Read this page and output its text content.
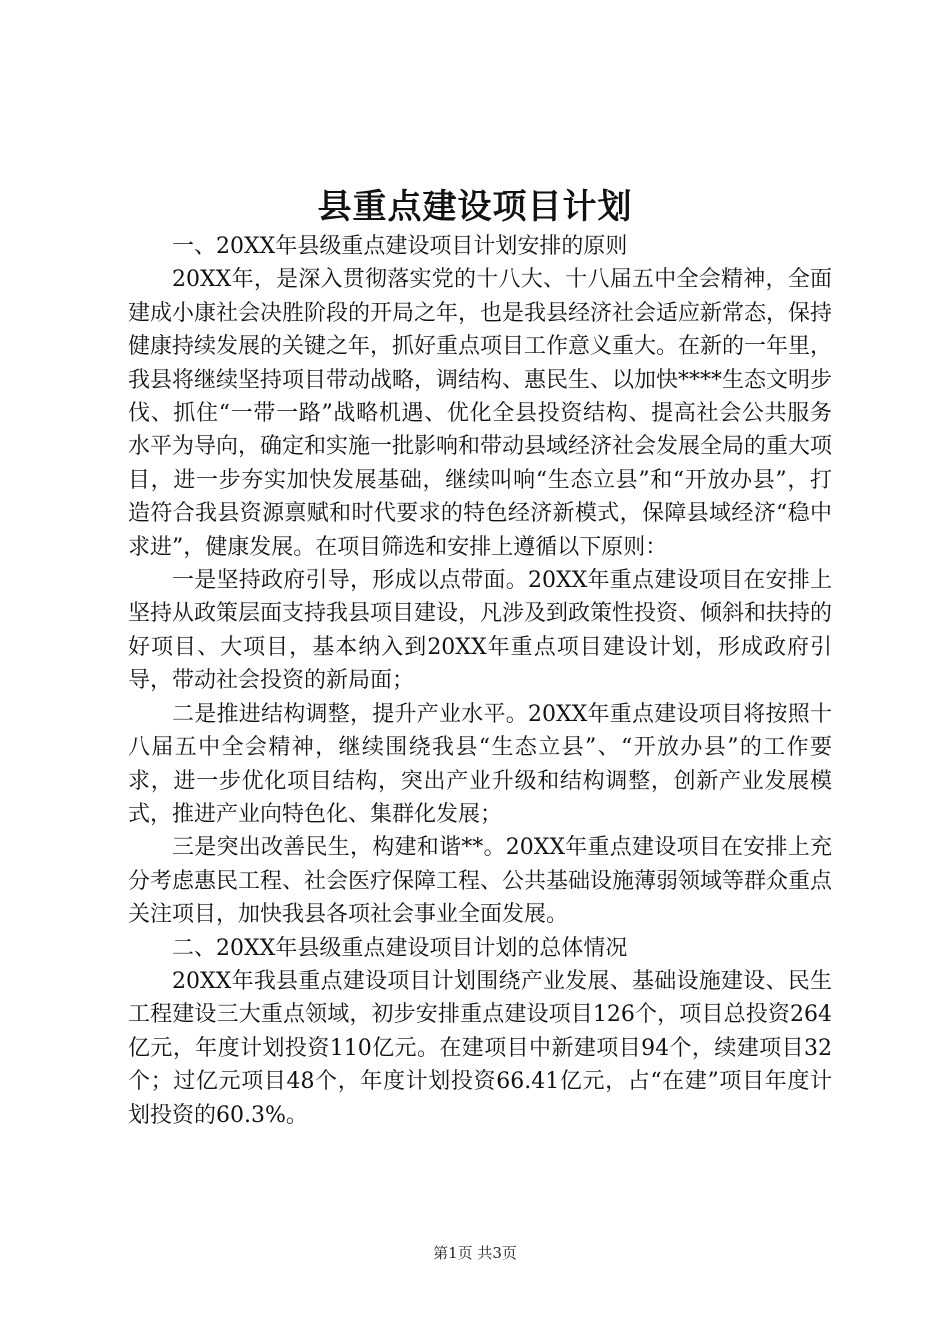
县重点建设项目计划

一、20XX年县级重点建设项目计划安排的原则

20XX年，是深入贯彻落实党的十八大、十八届五中全会精神，全面建成小康社会决胜阶段的开局之年，也是我县经济社会适应新常态，保持健康持续发展的关键之年，抓好重点项目工作意义重大。在新的一年里，我县将继续坚持项目带动战略，调结构、惠民生、以加快****生态文明步伐、抓住“一带一路”战略机遇、优化全县投资结构、提高社会公共服务水平为导向，确定和实施一批影响和带动县域经济社会发展全局的重大项目，进一步夯实加快发展基础，继续叫响“生态立县”和“开放办县”，打造符合我县资源禀赋和时代要求的特色经济新模式，保障县域经济“稳中求进”，健康发展。在项目筛选和安排上遵循以下原则：

一是坚持政府引导，形成以点带面。20XX年重点建设项目在安排上坚持从政策层面支持我县项目建设，凡涉及到政策性投资、倾斜和扶持的好项目、大项目，基本纳入到20XX年重点项目建设计划，形成政府引导，带动社会投资的新局面；

二是推进结构调整，提升产业水平。20XX年重点建设项目将按照十八届五中全会精神，继续围绕我县“生态立县”、“开放办县”的工作要求，进一步优化项目结构，突出产业升级和结构调整，创新产业发展模式，推进产业向特色化、集群化发展；

三是突出改善民生，构建和谐**。20XX年重点建设项目在安排上充分考虑惠民工程、社会医疗保障工程、公共基础设施薄弱领域等群众重点关注项目，加快我县各项社会事业全面发展。

二、20XX年县级重点建设项目计划的总体情况

20XX年我县重点建设项目计划围绕产业发展、基础设施建设、民生工程建设三大重点领域，初步安排重点建设项目126个，项目总投资264亿元，年度计划投资110亿元。在建项目中新建项目94个，续建项目32个；过亿元项目48个，年度计划投资66.41亿元，占“在建”项目年度计划投资的60.3%。

第1页 共3页
